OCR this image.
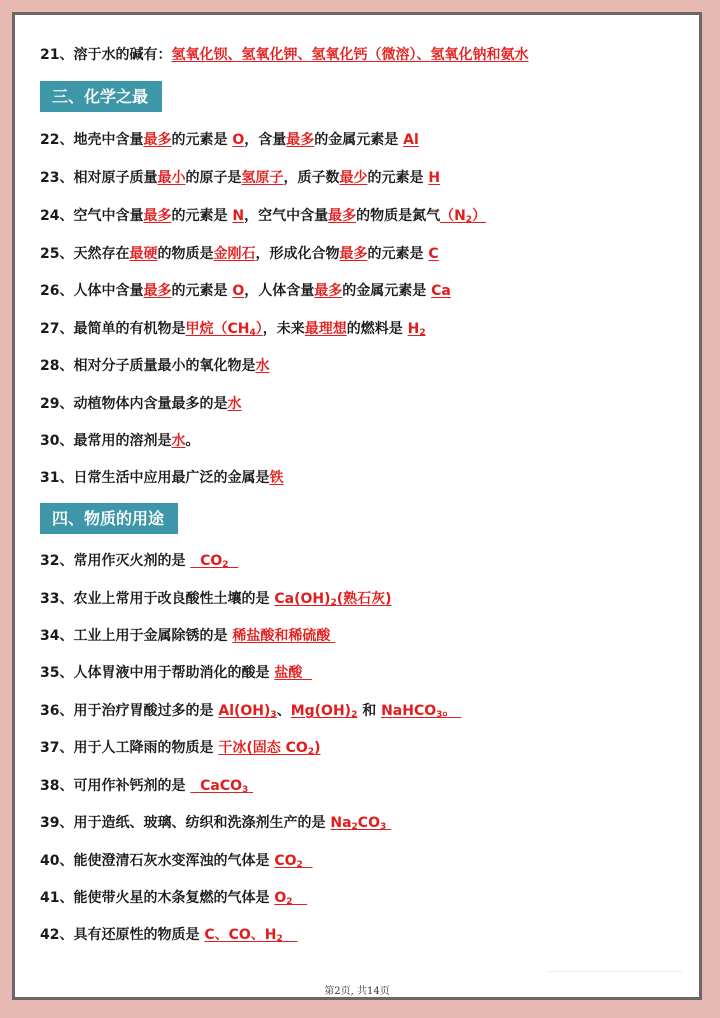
21、溶于水的碱有：氢氧化钡、氢氧化钾、氢氧化钙（微溶）、氢氧化钠和氨水
三、化学之最
22、地壳中含量最多的元素是 O，含量最多的金属元素是 Al
23、相对原子质量最小的原子是氢原子，质子数最少的元素是 H
24、空气中含量最多的元素是 N，空气中含量最多的物质是氮气$(N_2)$
25、天然存在最硬的物质是金刚石，形成化合物最多的元素是 C
26、人体中含量最多的元素是 O，人体含量最多的金属元素是 Ca
27、最简单的有机物是甲烷$(CH_4)$，未来最理想的燃料是 $H_2$
28、相对分子质量最小的氧化物是水
29、动植物体内含量最多的是水
30、最常用的溶剂是水。
31、日常生活中应用最广泛的金属是铁
四、物质的用途
32、常用作灭火剂的是   $CO_2$
33、农业上常用于改良酸性土壤的是 $Ca(OH)_2$(熟石灰)
34、工业上用于金属除锈的是 稀盐酸和稀硫酸
35、人体胃液中用于帮助消化的酸是 盐酸
36、用于治疗胃酸过多的是 $Al(OH)_3$、$Mg(OH)_2$ 和 NaHCO$_3$。
37、用于人工降雨的物质是 干冰(固态 $CO_2$)
38、可用作补钙剂的是   CaCO$_3$
39、用于造纸、玻璃、纺织和洗涤剂生产的是 $Na_2CO_3$
40、能使澄清石灰水变浑浊的气体是 $CO_2$
41、能使带火星的木条复燃的气体是 $O_2$
42、具有还原性的物质是 C、CO、$H_2$
第2页, 共14页
